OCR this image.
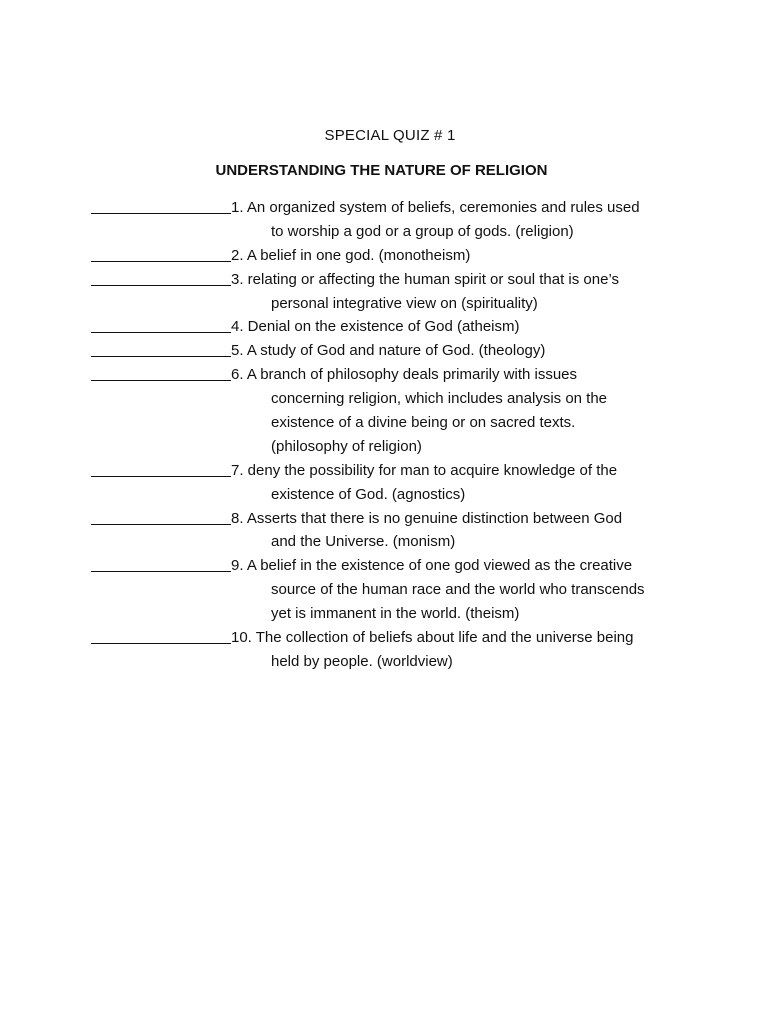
SPECIAL QUIZ # 1
UNDERSTANDING THE NATURE OF RELIGION
1. An organized system of beliefs, ceremonies and rules used
to worship a god or a group of gods. (religion)
2. A belief in one god. (monotheism)
3. relating or affecting the human spirit or soul that is one’s
personal integrative view on (spirituality)
4. Denial on the existence of God (atheism)
5. A study of God and nature of God. (theology)
6. A branch of philosophy deals primarily with issues
concerning religion, which includes analysis on the
existence of a divine being or on sacred texts.
(philosophy of religion)
7. deny the possibility for man to acquire knowledge of the
existence of God. (agnostics)
8. Asserts that there is no genuine distinction between God
and the Universe. (monism)
9. A belief in the existence of one god viewed as the creative
source of the human race and the world who transcends
yet is immanent in the world. (theism)
10. The collection of beliefs about life and the universe being
held by people. (worldview)
